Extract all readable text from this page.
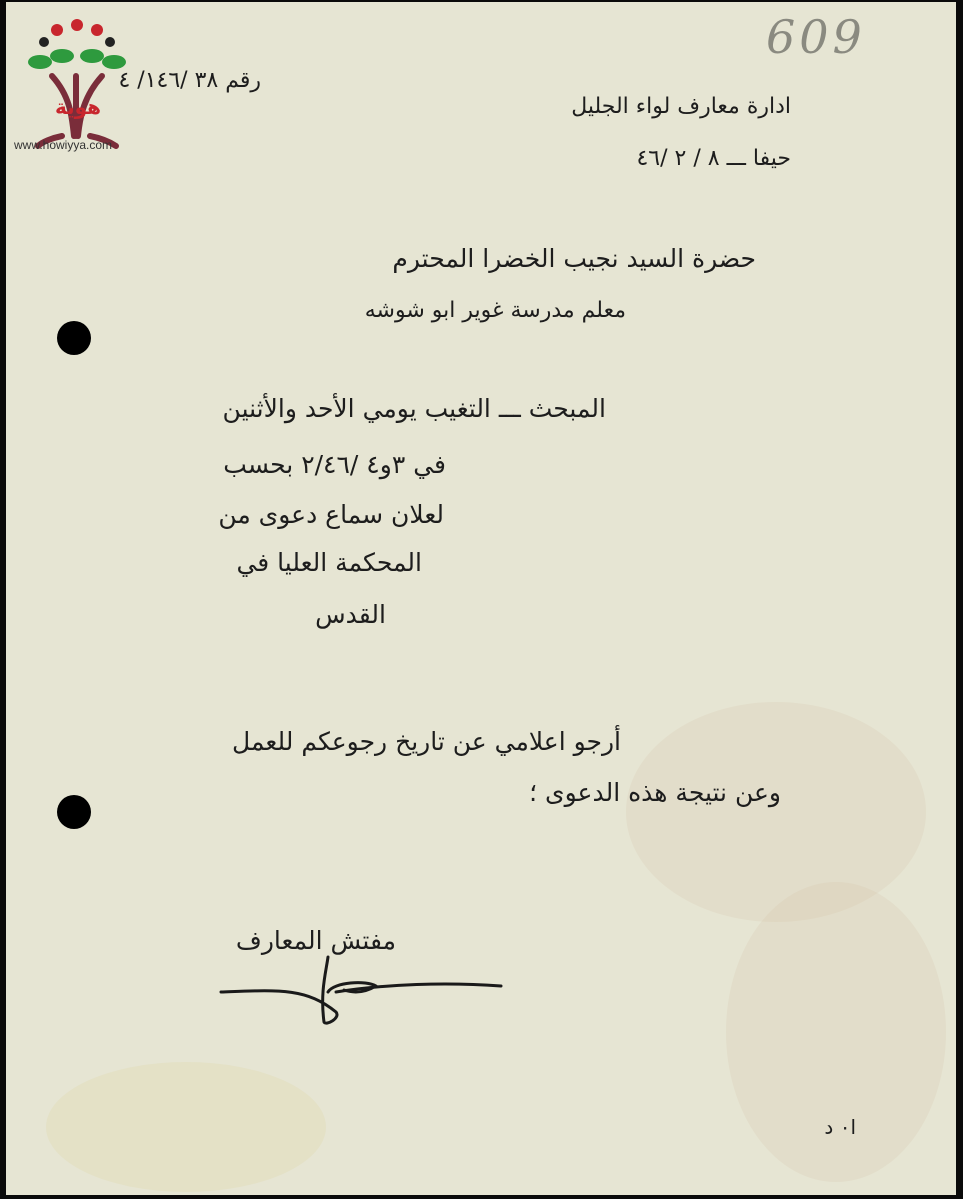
609
هوية
www.howiyya.com
رقم ٣٨ /١٤٦/ ٤
ادارة معارف لواء الجليل
حيفا ـــ ٨ / ٢ /٤٦
حضرة السيد نجيب الخضرا المحترم
معلم مدرسة غوير ابو شوشه
المبحث ـــ التغيب يومي الأحد والأثنين
في ٣و٤ /٢/٤٦ بحسب
لعلان سماع دعوى من
المحكمة العليا في
القدس
أرجو اعلامي عن تاريخ رجوعكم للعمل
وعن نتيجة هذه الدعوى ؛
مفتش المعارف
ا٠ د
